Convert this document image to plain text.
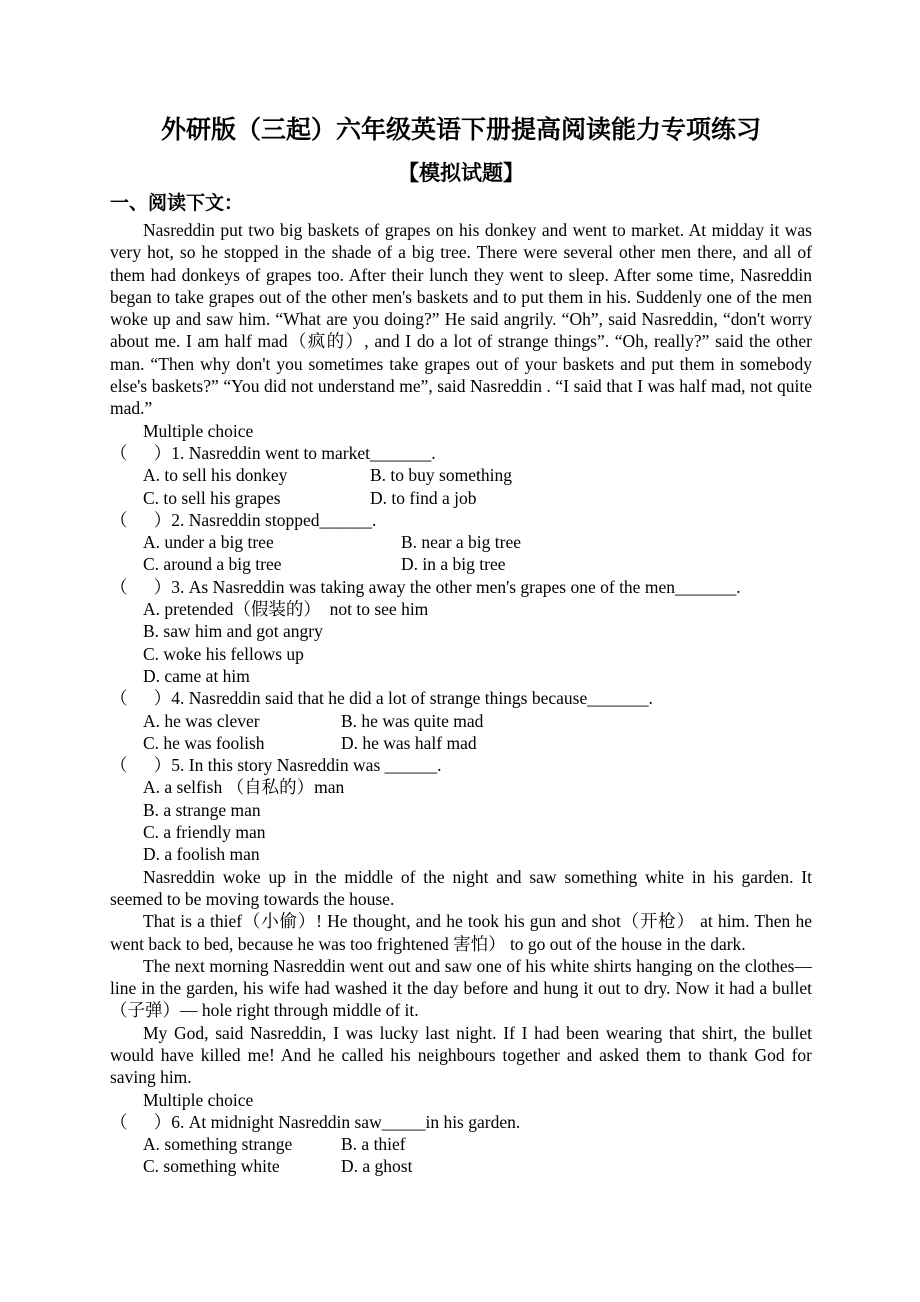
外研版（三起）六年级英语下册提高阅读能力专项练习
【模拟试题】
一、阅读下文：

Nasreddin put two big baskets of grapes on his donkey and went to market. At midday it was very hot, so he stopped in the shade of a big tree. There were several other men there, and all of them had donkeys of grapes too. After their lunch they went to sleep. After some time, Nasreddin began to take grapes out of the other men's baskets and to put them in his. Suddenly one of the men woke up and saw him. “What are you doing?” He said angrily. “Oh”, said Nasreddin, “don't worry about me. I am half mad（疯的）, and I do a lot of strange things”. “Oh, really?” said the other man. “Then why don't you sometimes take grapes out of your baskets and put them in somebody else's baskets?” “You did not understand me”, said Nasreddin . “I said that I was half mad, not quite mad.”

Multiple choice

（      ）1. Nasreddin went to market_______.

A. to sell his donkey	B. to buy something

C. to sell his grapes	D. to find a job

（      ）2. Nasreddin stopped______.

A. under a big tree	B. near a big tree

C. around a big tree	D. in a big tree

（      ）3. As Nasreddin was taking away the other men's grapes one of the men_______.

A. pretended（假装的）  not to see him

B. saw him and got angry

C. woke his fellows up

D. came at him

（      ）4. Nasreddin said that he did a lot of strange things because_______.

A. he was clever	B. he was quite mad

C. he was foolish	D. he was half mad

（      ）5. In this story Nasreddin was ______.

A. a selfish （自私的）man

B. a strange man

C. a friendly man

D. a foolish man

Nasreddin woke up in the middle of the night and saw something white in his garden. It seemed to be moving towards the house.

That is a thief（小偷）! He thought, and he took his gun and shot（开枪） at him. Then he went back to bed, because he was too frightened 害怕） to go out of the house in the dark.

The next morning Nasreddin went out and saw one of his white shirts hanging on the clothes—line in the garden, his wife had washed it the day before and hung it out to dry. Now it had a bullet（子弹）— hole right through middle of it.

My God, said Nasreddin, I was lucky last night. If I had been wearing that shirt, the bullet would have killed me! And he called his neighbours together and asked them to thank God for saving him.

Multiple choice

（      ）6. At midnight Nasreddin saw_____in his garden.

A. something strange	B. a thief

C. something white	D. a ghost
